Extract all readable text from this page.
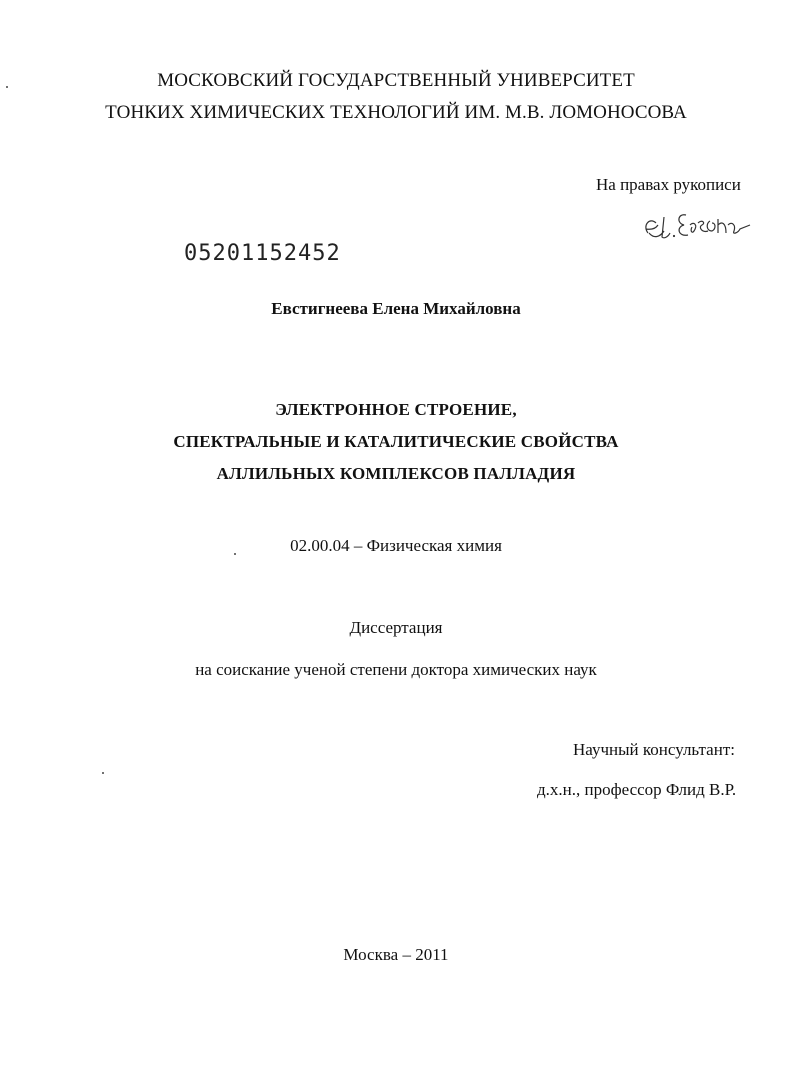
МОСКОВСКИЙ ГОСУДАРСТВЕННЫЙ УНИВЕРСИТЕТ
ТОНКИХ ХИМИЧЕСКИХ ТЕХНОЛОГИЙ ИМ. М.В. ЛОМОНОСОВА
На правах рукописи
05201152452
Евстигнеева Елена Михайловна
ЭЛЕКТРОННОЕ СТРОЕНИЕ,
СПЕКТРАЛЬНЫЕ И КАТАЛИТИЧЕСКИЕ СВОЙСТВА
АЛЛИЛЬНЫХ КОМПЛЕКСОВ ПАЛЛАДИЯ
02.00.04 – Физическая химия
Диссертация
на соискание ученой степени доктора химических наук
Научный консультант:
д.х.н., профессор Флид В.Р.
Москва – 2011
